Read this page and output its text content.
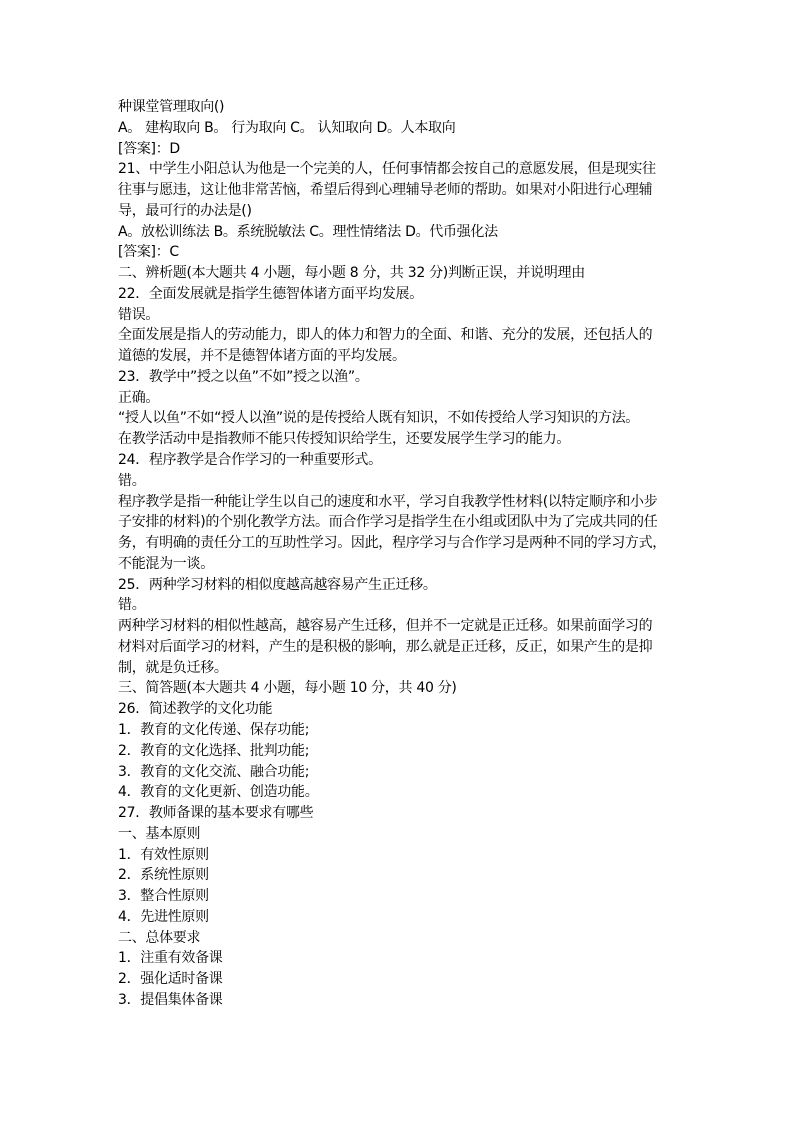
种课堂管理取向()
A。 建构取向 B。 行为取向 C。 认知取向 D。人本取向
[答案]：D
21、中学生小阳总认为他是一个完美的人，任何事情都会按自己的意愿发展，但是现实往
往事与愿违，这让他非常苦恼，希望后得到心理辅导老师的帮助。如果对小阳进行心理辅
导，最可行的办法是()
A。放松训练法 B。系统脱敏法 C。理性情绪法 D。代币强化法
[答案]：C
二、辨析题(本大题共 4 小题，每小题 8 分，共 32 分)判断正误，并说明理由
22．全面发展就是指学生德智体诸方面平均发展。
错误。
全面发展是指人的劳动能力，即人的体力和智力的全面、和谐、充分的发展，还包括人的
道德的发展，并不是德智体诸方面的平均发展。
23．教学中”授之以鱼”不如”授之以渔”。
正确。
“授人以鱼”不如“授人以渔”说的是传授给人既有知识，不如传授给人学习知识的方法。
在教学活动中是指教师不能只传授知识给学生，还要发展学生学习的能力。
24．程序教学是合作学习的一种重要形式。
错。
程序教学是指一种能让学生以自己的速度和水平，学习自我教学性材料(以特定顺序和小步
子安排的材料)的个别化教学方法。而合作学习是指学生在小组或团队中为了完成共同的任
务，有明确的责任分工的互助性学习。因此，程序学习与合作学习是两种不同的学习方式，
不能混为一谈。
25．两种学习材料的相似度越高越容易产生正迁移。
错。
两种学习材料的相似性越高，越容易产生迁移，但并不一定就是正迁移。如果前面学习的
材料对后面学习的材料，产生的是积极的影响，那么就是正迁移，反正，如果产生的是抑
制，就是负迁移。
三、简答题(本大题共 4 小题，每小题 10 分，共 40 分)
26．简述教学的文化功能
1．教育的文化传递、保存功能;
2．教育的文化选择、批判功能;
3．教育的文化交流、融合功能;
4．教育的文化更新、创造功能。
27．教师备课的基本要求有哪些
一、基本原则
1．有效性原则
2．系统性原则
3．整合性原则
4．先进性原则
二、总体要求
1．注重有效备课
2．强化适时备课
3．提倡集体备课
